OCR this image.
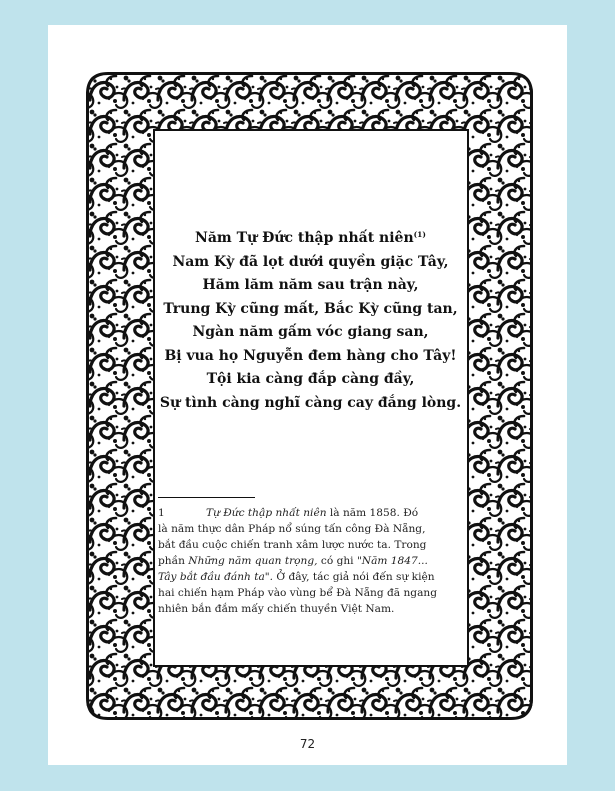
Năm Tự Đức thập nhất niên$^{(1)}$
Nam Kỳ đã lọt dưới quyền giặc Tây,
Hăm lăm năm sau trận này,
Trung Kỳ cũng mất, Bắc Kỳ cũng tan,
Ngàn năm gấm vóc giang san,
Bị vua họ Nguyễn đem hàng cho Tây!
Tội kia càng đắp càng đầy,
Sự tình càng nghĩ càng cay đắng lòng.
1	Tự Đức thập nhất niên là năm 1858. Đó
là năm thực dân Pháp nổ súng tấn công Đà Nẵng,
bắt đầu cuộc chiến tranh xâm lược nước ta. Trong
phần Những năm quan trọng, có ghi "Năm 1847...
Tây bắt đầu đánh ta". Ở đây, tác giả nói đến sự kiện
hai chiến hạm Pháp vào vùng bể Đà Nẵng đã ngang
nhiên bắn đắm mấy chiến thuyền Việt Nam.
72
